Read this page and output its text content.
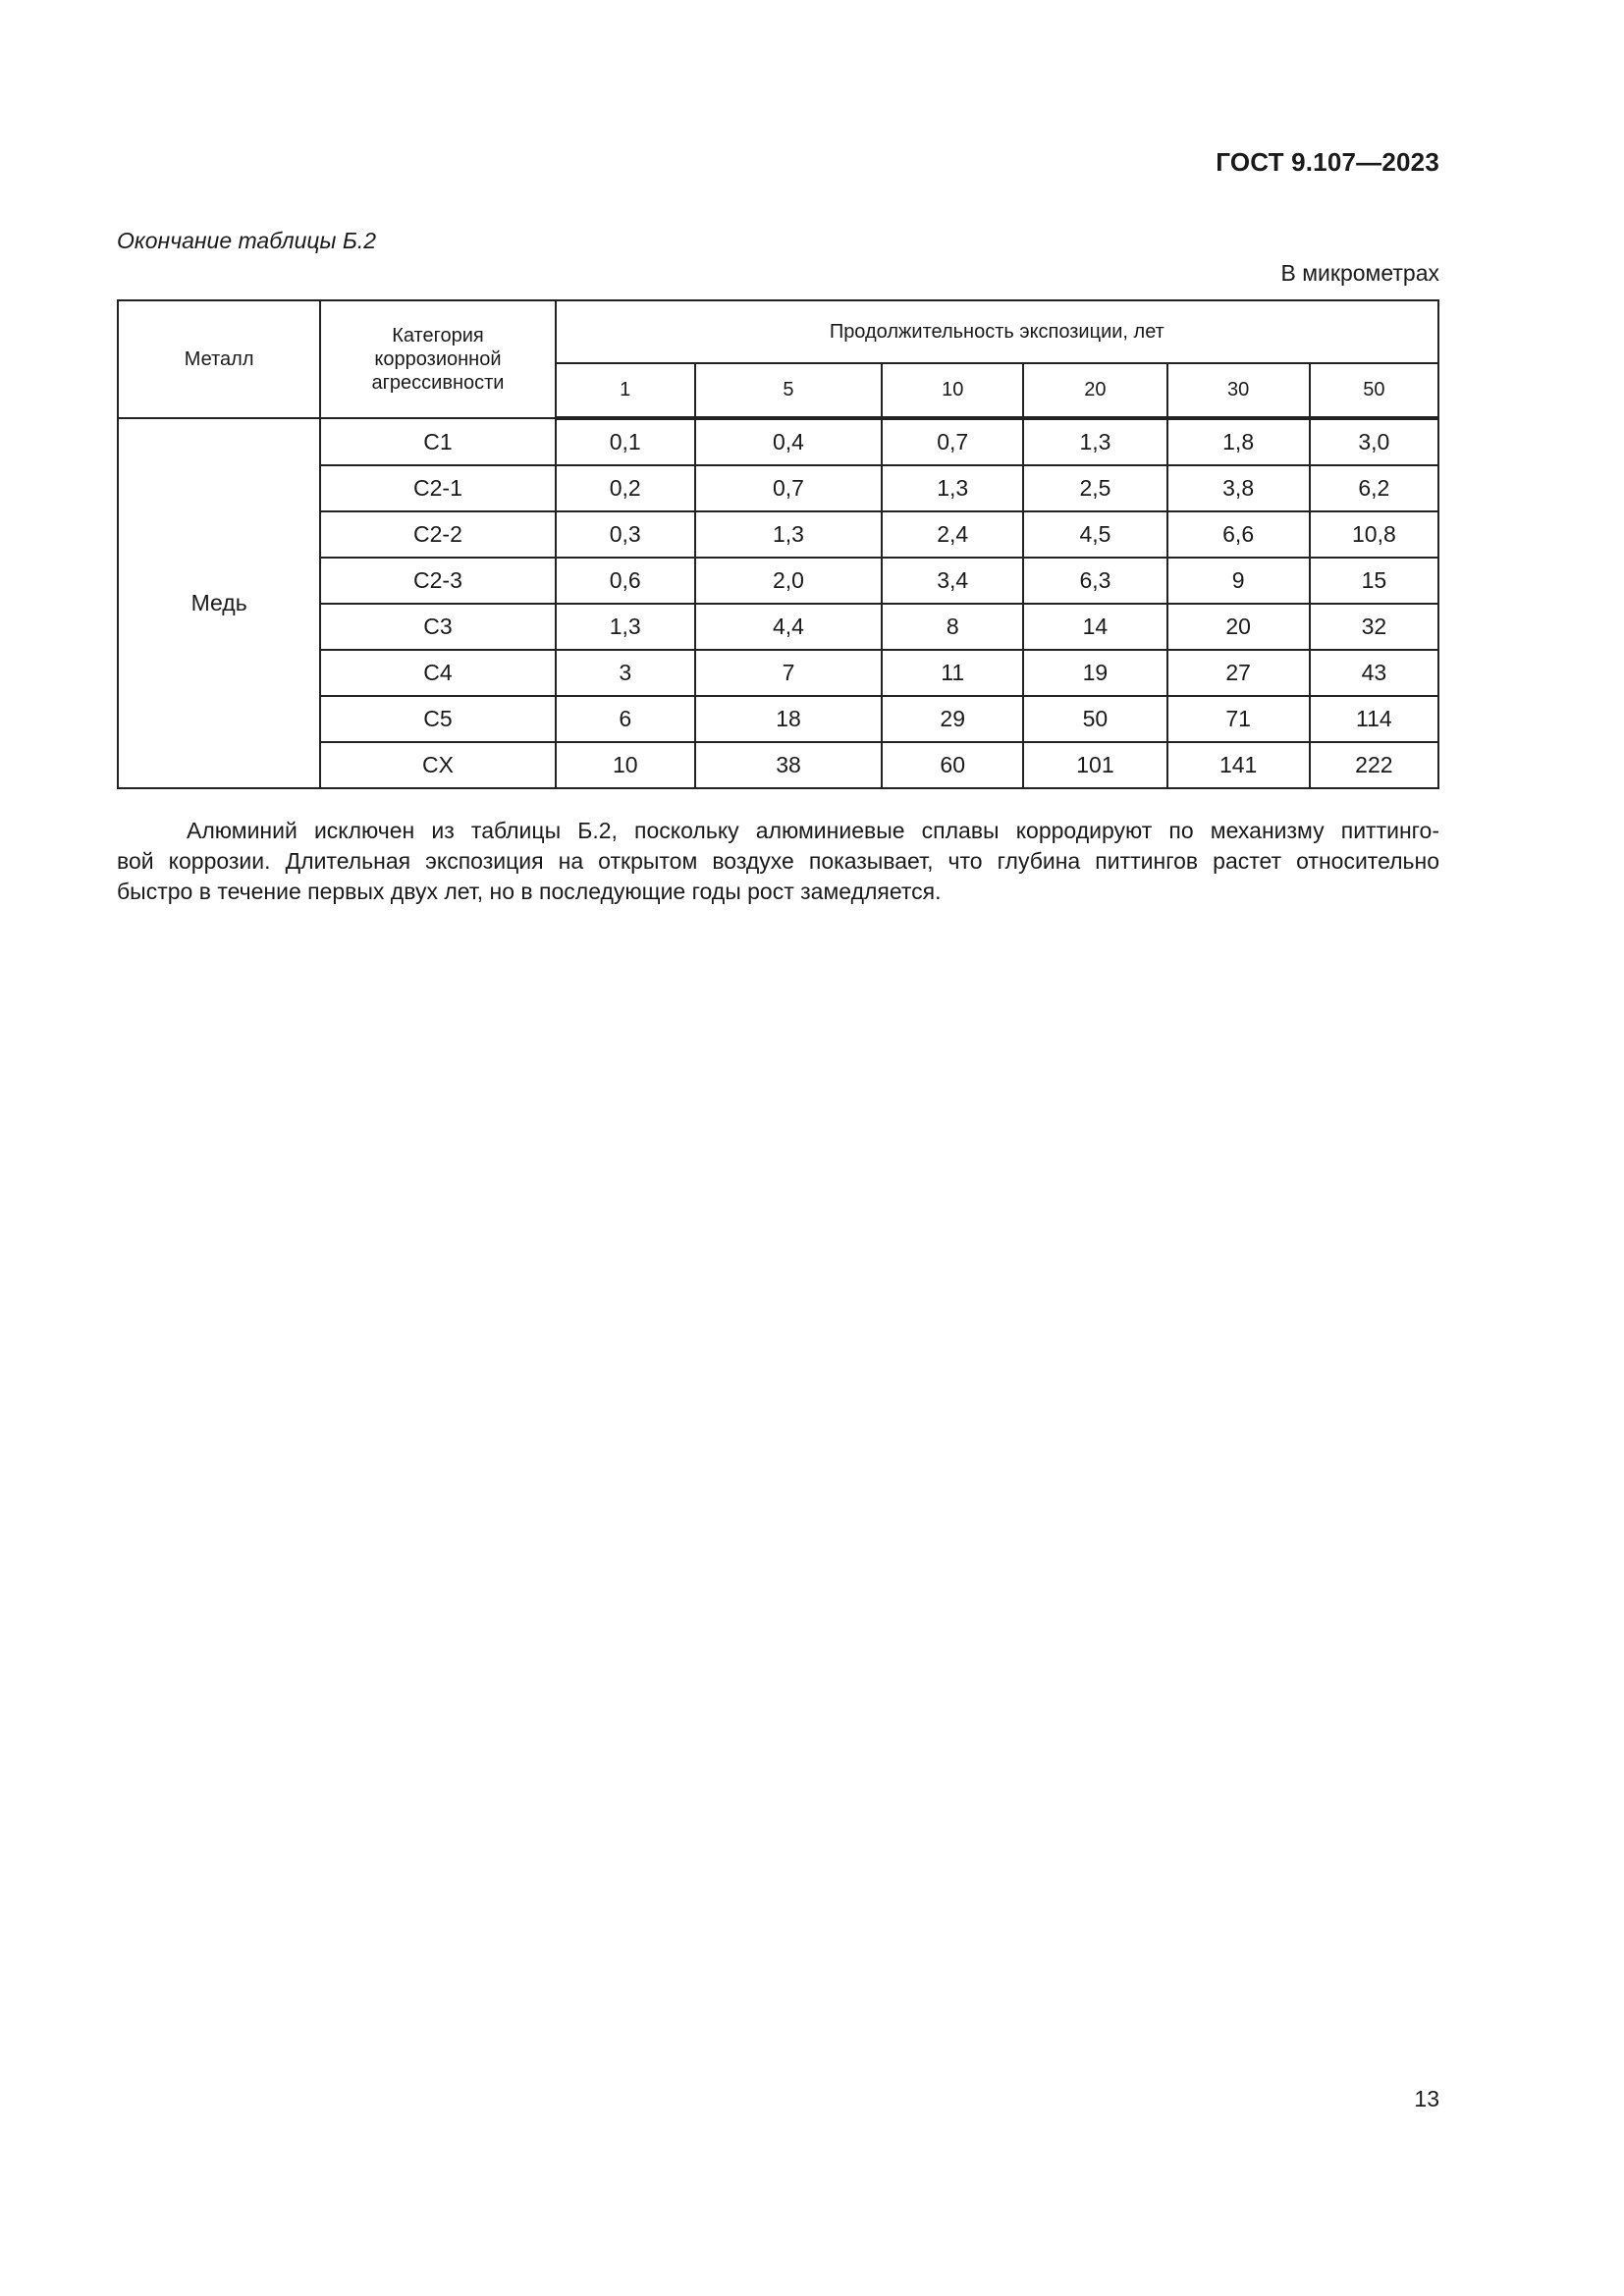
ГОСТ 9.107—2023
Окончание таблицы Б.2
В микрометрах
Металл	Категория
коррозионной
агрессивности	Продолжительность экспозиции, лет					
		1	5	10	20	30	50
Медь	C1	0,1	0,4	0,7	1,3	1,8	3,0
	C2-1	0,2	0,7	1,3	2,5	3,8	6,2
	C2-2	0,3	1,3	2,4	4,5	6,6	10,8
	C2-3	0,6	2,0	3,4	6,3	9	15
	C3	1,3	4,4	8	14	20	32
	C4	3	7	11	19	27	43
	C5	6	18	29	50	71	114
	CX	10	38	60	101	141	222
Алюминий исключен из таблицы Б.2, поскольку алюминиевые сплавы корродируют по механизму питтинго-
вой коррозии. Длительная экспозиция на открытом воздухе показывает, что глубина питтингов растет относительно
быстро в течение первых двух лет, но в последующие годы рост замедляется.
13
